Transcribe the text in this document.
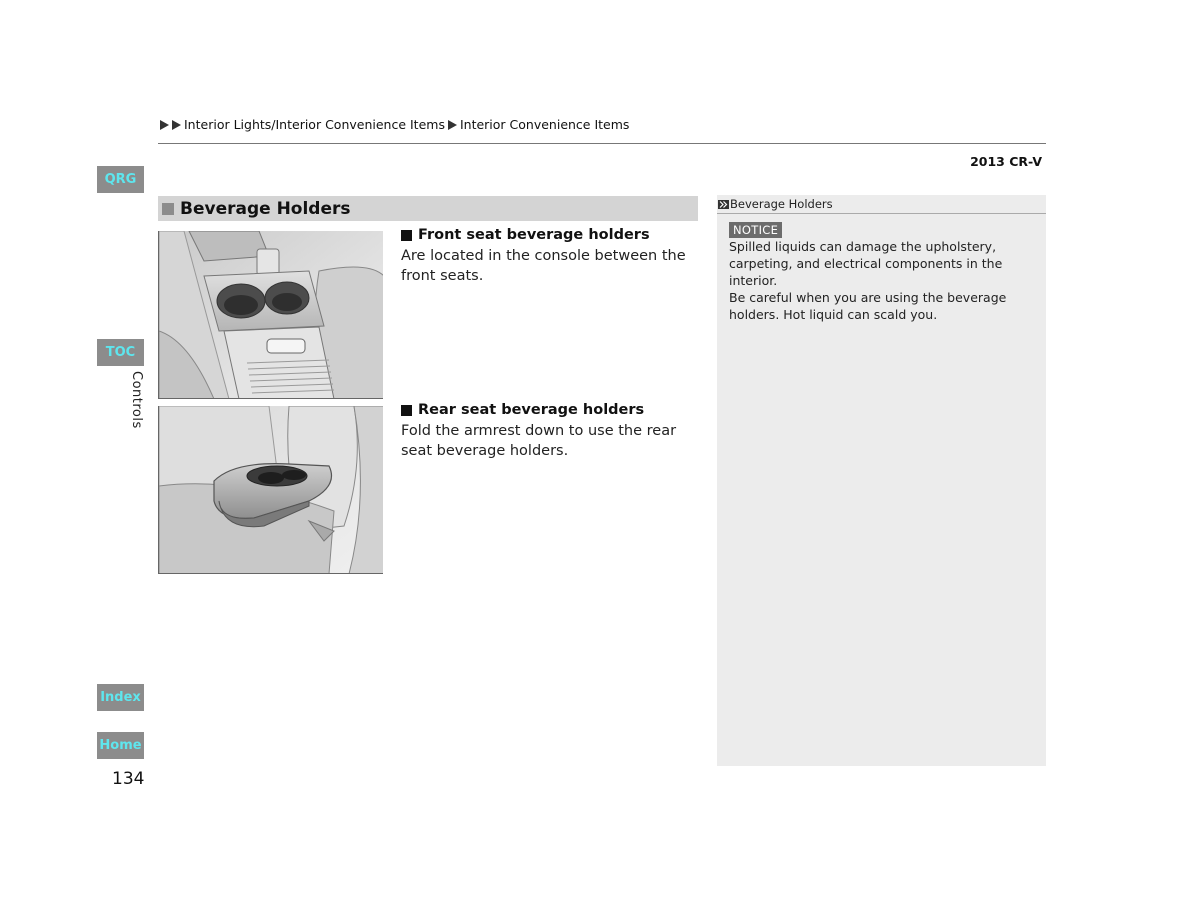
Interior Lights/Interior Convenience Items Interior Convenience Items
2013 CR-V
QRG
TOC
Controls
Index
Home
134
Beverage Holders
Front seat beverage holders
Are located in the console between the front seats.
Rear seat beverage holders
Fold the armrest down to use the rear seat beverage holders.
Beverage Holders
NOTICE
Spilled liquids can damage the upholstery, carpeting, and electrical components in the interior.
Be careful when you are using the beverage holders. Hot liquid can scald you.
